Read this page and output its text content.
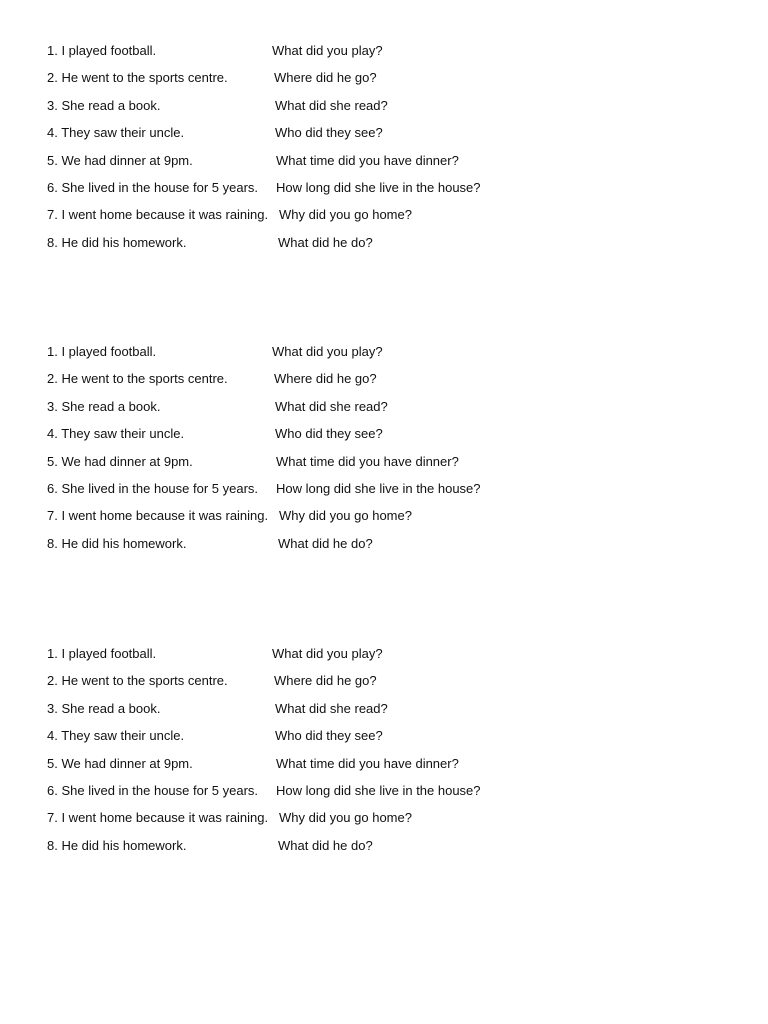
1. I played football.	What did you play?
2. He went to the sports centre.	Where did he go?
3. She read a book.	What did she read?
4. They saw their uncle.	Who did they see?
5. We had dinner at 9pm.	What time did you have dinner?
6. She lived in the house for 5 years. How long did she live in the house?
7. I went home because it was raining. Why did you go home?
8. He did his homework.	What did he do?
1. I played football.	What did you play?
2. He went to the sports centre.	Where did he go?
3. She read a book.	What did she read?
4. They saw their uncle.	Who did they see?
5. We had dinner at 9pm.	What time did you have dinner?
6. She lived in the house for 5 years. How long did she live in the house?
7. I went home because it was raining. Why did you go home?
8. He did his homework.	What did he do?
1. I played football.	What did you play?
2. He went to the sports centre.	Where did he go?
3. She read a book.	What did she read?
4. They saw their uncle.	Who did they see?
5. We had dinner at 9pm.	What time did you have dinner?
6. She lived in the house for 5 years. How long did she live in the house?
7. I went home because it was raining. Why did you go home?
8. He did his homework.	What did he do?
